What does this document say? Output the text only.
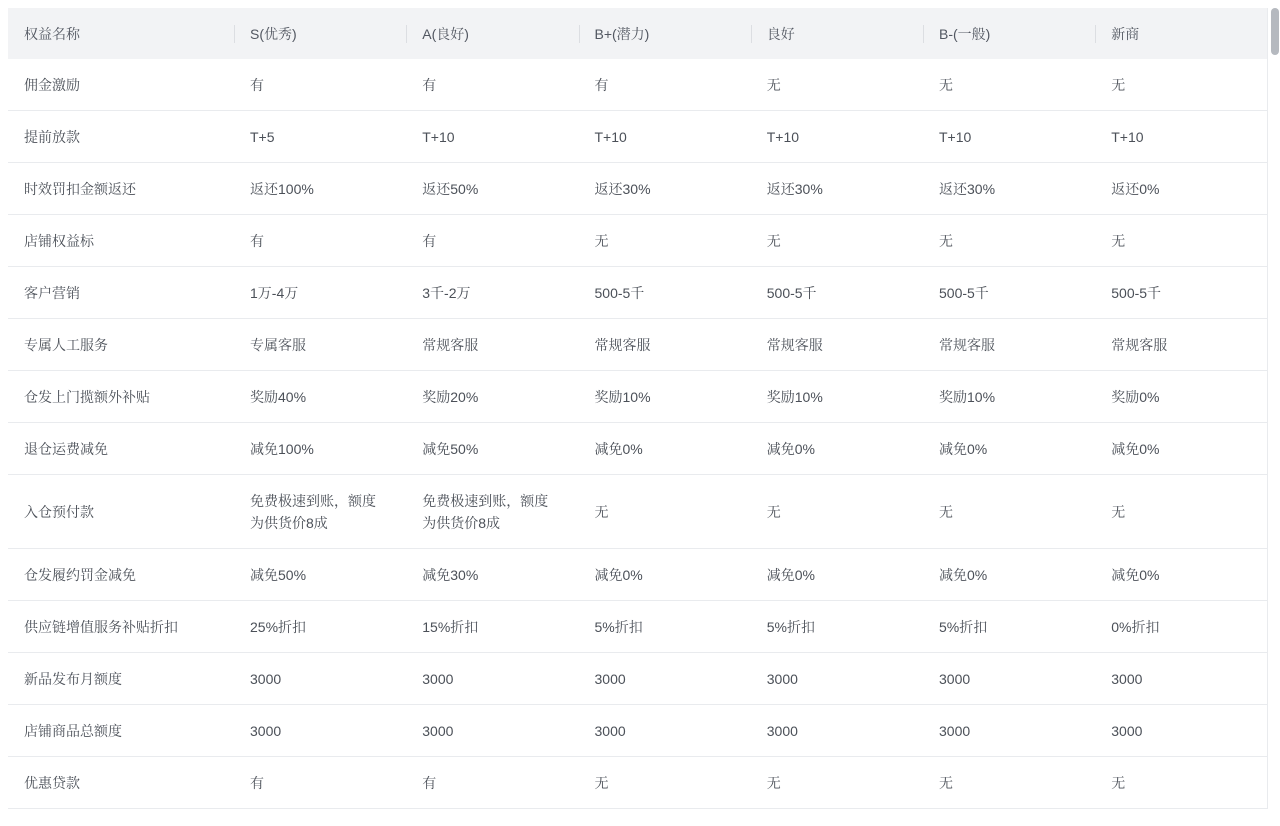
权益名称	S(优秀)	A(良好)	B+(潜力)	良好	B-(一般)	新商
佣金激励	有	有	有	无	无	无
提前放款	T+5	T+10	T+10	T+10	T+10	T+10
时效罚扣金额返还	返还100%	返还50%	返还30%	返还30%	返还30%	返还0%
店铺权益标	有	有	无	无	无	无
客户营销	1万-4万	3千-2万	500-5千	500-5千	500-5千	500-5千
专属人工服务	专属客服	常规客服	常规客服	常规客服	常规客服	常规客服
仓发上门揽额外补贴	奖励40%	奖励20%	奖励10%	奖励10%	奖励10%	奖励0%
退仓运费减免	减免100%	减免50%	减免0%	减免0%	减免0%	减免0%
入仓预付款	免费极速到账，额度为供货价8成	免费极速到账，额度为供货价8成	无	无	无	无
仓发履约罚金减免	减免50%	减免30%	减免0%	减免0%	减免0%	减免0%
供应链增值服务补贴折扣	25%折扣	15%折扣	5%折扣	5%折扣	5%折扣	0%折扣
新品发布月额度	3000	3000	3000	3000	3000	3000
店铺商品总额度	3000	3000	3000	3000	3000	3000
优惠贷款	有	有	无	无	无	无
